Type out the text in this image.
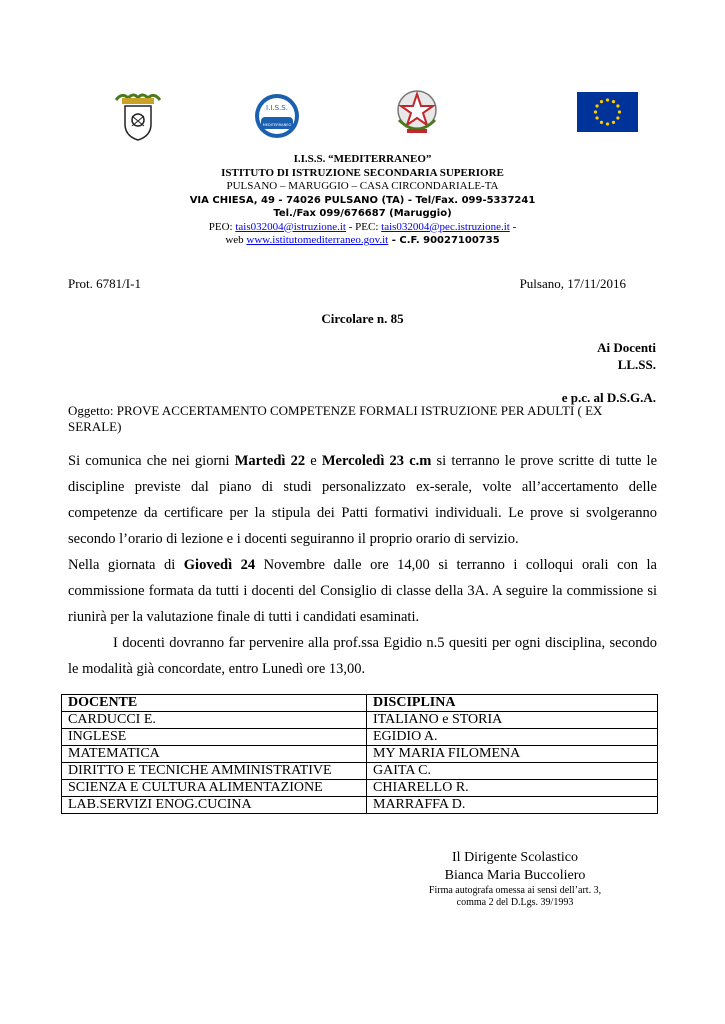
I.I.S.S.
MEDITERRANEO
I.I.S.S. “MEDITERRANEO”
ISTITUTO DI ISTRUZIONE SECONDARIA SUPERIORE
PULSANO – MARUGGIO – CASA CIRCONDARIALE-TA
VIA CHIESA, 49 - 74026 PULSANO (TA) - Tel/Fax. 099-5337241
Tel./Fax 099/676687 (Maruggio)
PEO: tais032004@istruzione.it - PEC: tais032004@pec.istruzione.it -
web www.istitutomediterraneo.gov.it - C.F. 90027100735
Prot. 6781/I-1	Pulsano, 17/11/2016
Circolare n. 85
Ai Docenti
LL.SS.
e p.c. al D.S.G.A.
Oggetto: PROVE ACCERTAMENTO COMPETENZE FORMALI ISTRUZIONE PER ADULTI ( EX SERALE)

Si comunica che nei giorni Martedì 22 e Mercoledì 23 c.m si terranno le prove scritte di tutte le discipline previste dal piano di studi personalizzato ex-serale, volte all’accertamento delle competenze da certificare per la stipula dei Patti formativi individuali. Le prove si svolgeranno secondo l’orario di lezione e i docenti seguiranno il proprio orario di servizio.

Nella giornata di Giovedì 24 Novembre dalle ore 14,00 si terranno i colloqui orali con la commissione formata da tutti i docenti del Consiglio di classe della 3A. A seguire la commissione si riunirà per la valutazione finale di tutti i candidati esaminati.

I docenti dovranno far pervenire alla prof.ssa Egidio n.5 quesiti per ogni disciplina, secondo le modalità già concordate, entro Lunedì ore 13,00.

DOCENTE	DISCIPLINA
CARDUCCI E.	ITALIANO e STORIA
INGLESE	EGIDIO A.
MATEMATICA	MY MARIA FILOMENA
DIRITTO E TECNICHE AMMINISTRATIVE	GAITA C.
SCIENZA E CULTURA ALIMENTAZIONE	CHIARELLO R.
LAB.SERVIZI ENOG.CUCINA	MARRAFFA D.
Il Dirigente Scolastico
Bianca Maria Buccoliero
Firma autografa omessa ai sensi dell’art. 3,
comma 2 del D.Lgs. 39/1993
